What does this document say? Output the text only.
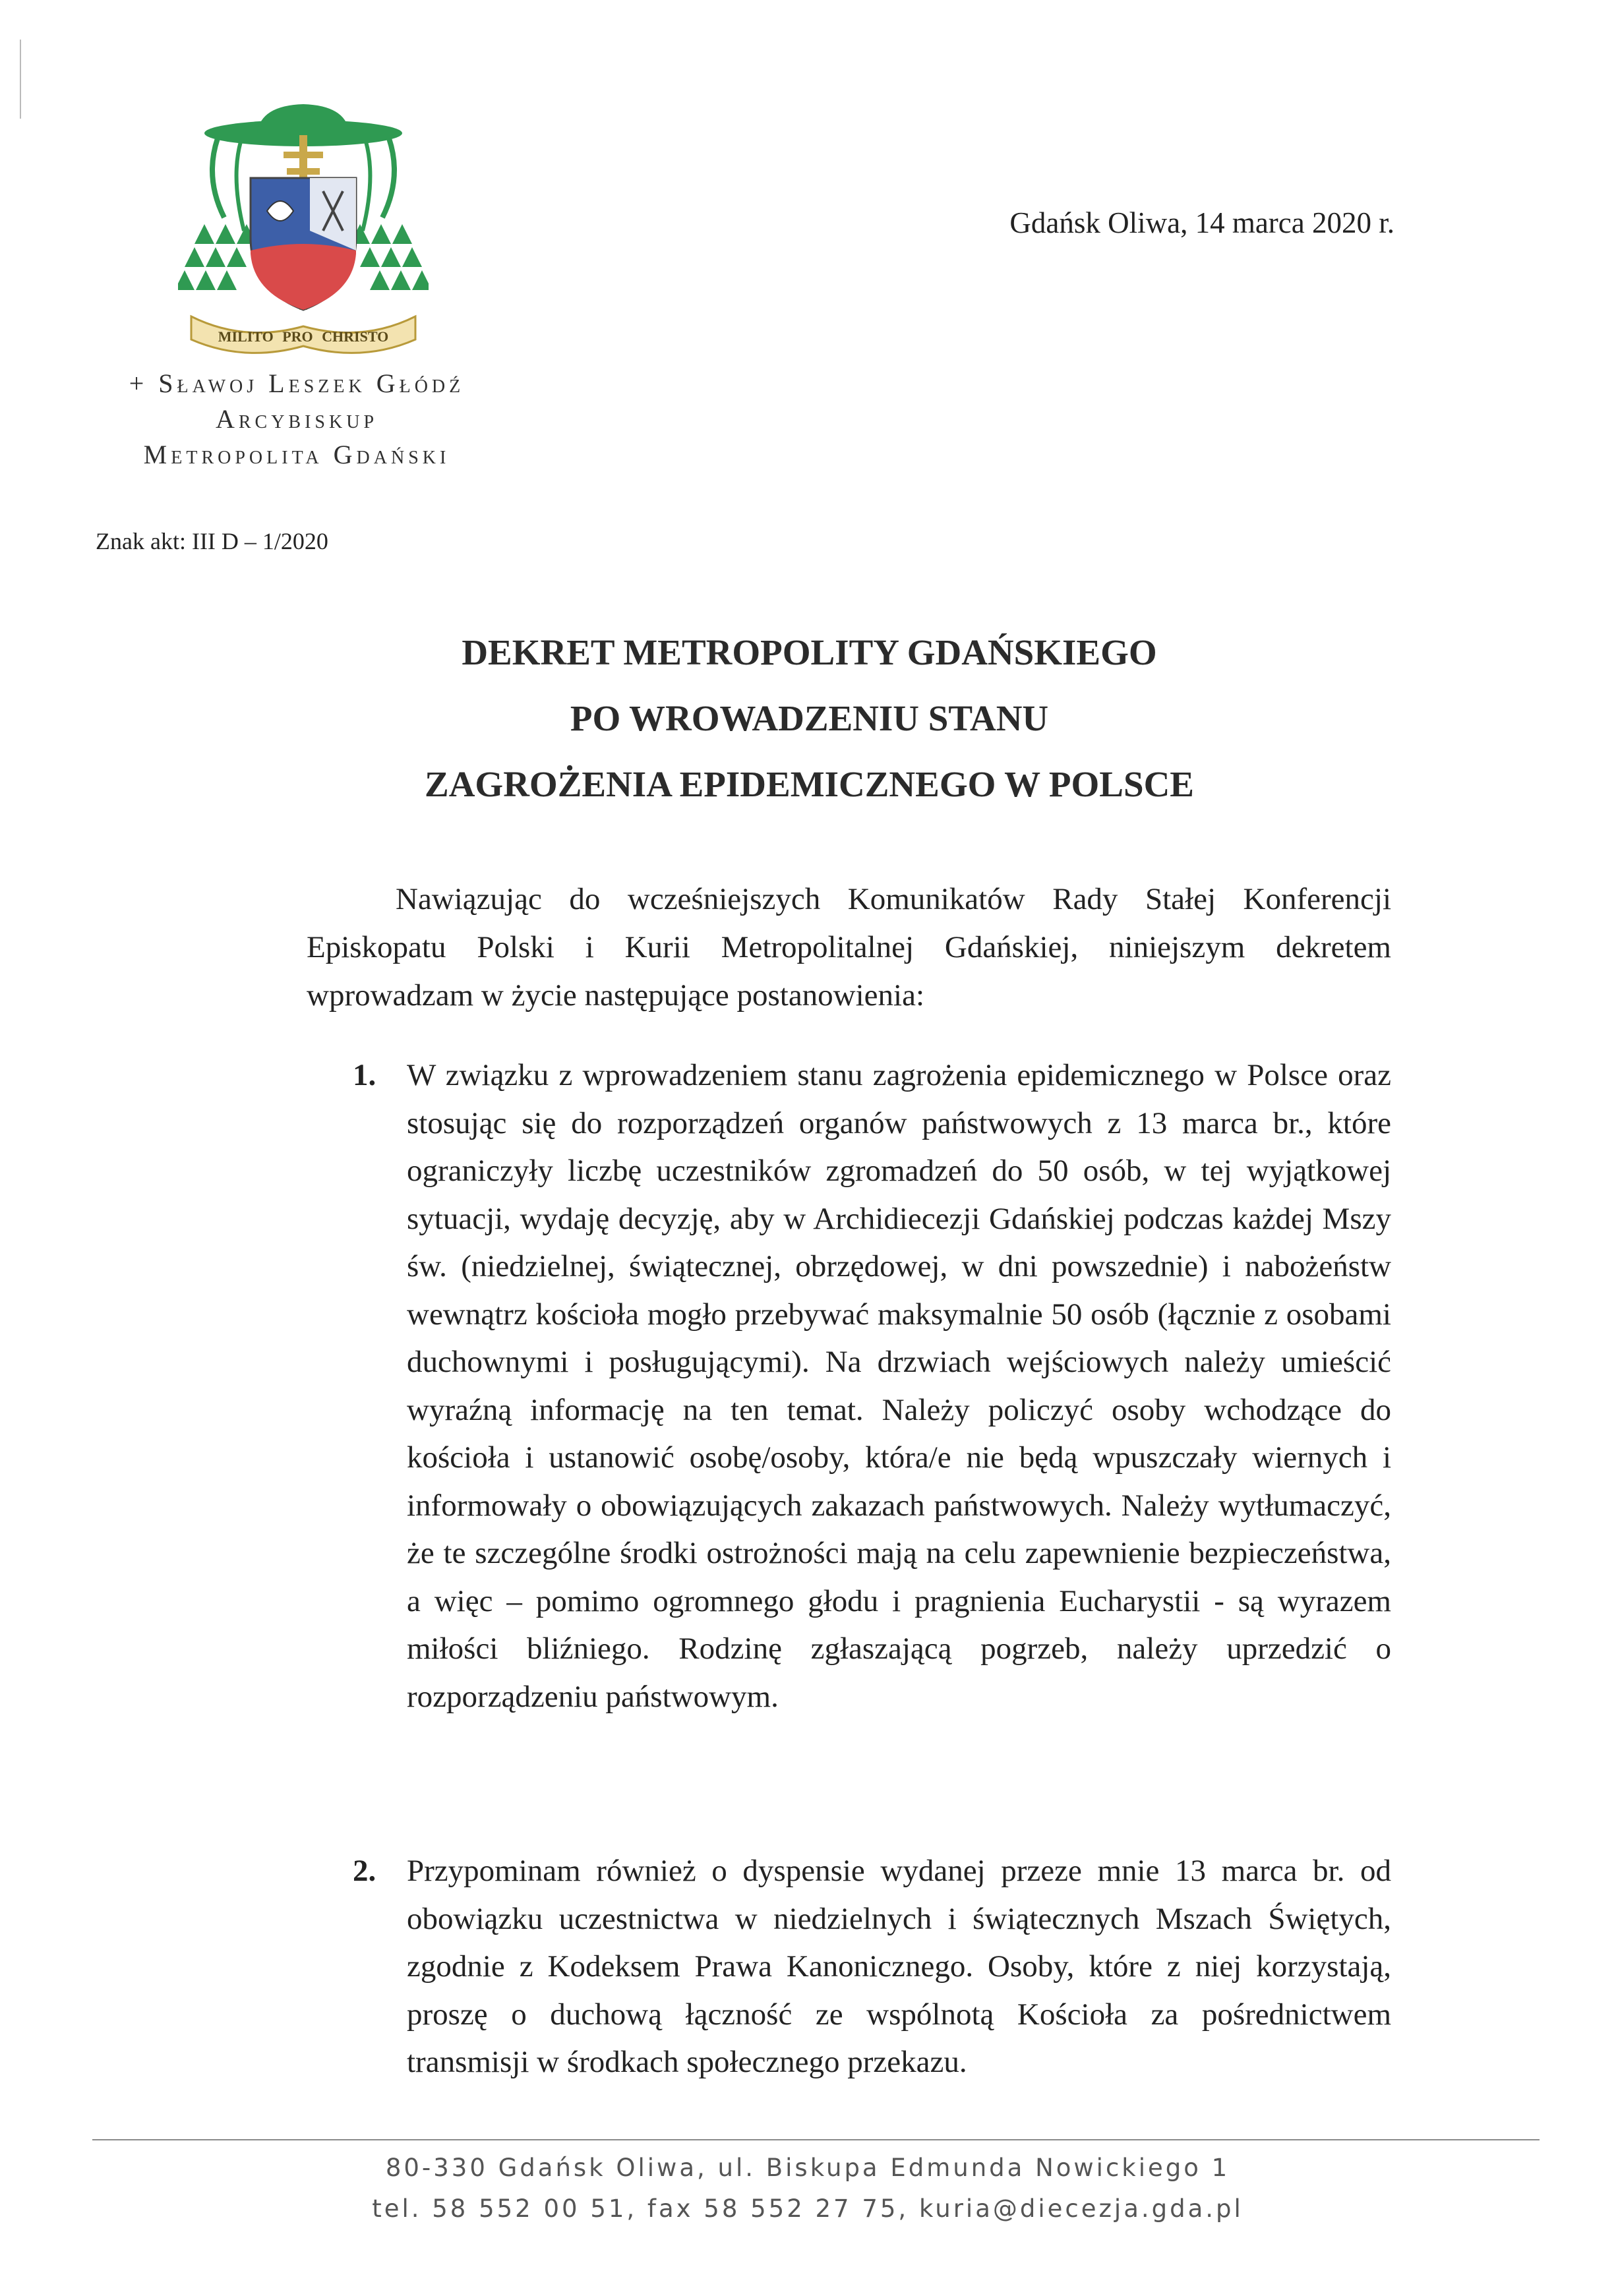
MILITO PRO CHRISTO
+ Sławoj Leszek Głódź
Arcybiskup
Metropolita Gdański
Gdańsk Oliwa, 14 marca 2020 r.
Znak akt: III D – 1/2020
DEKRET METROPOLITY GDAŃSKIEGO
PO WROWADZENIU STANU
ZAGROŻENIA EPIDEMICZNEGO W POLSCE
Nawiązując do wcześniejszych Komunikatów Rady Stałej Konferencji Episkopatu Polski i Kurii Metropolitalnej Gdańskiej, niniejszym dekretem wprowadzam w życie następujące postanowienia:
1. W związku z wprowadzeniem stanu zagrożenia epidemicznego w Polsce oraz stosując się do rozporządzeń organów państwowych z 13 marca br., które ograniczyły liczbę uczestników zgromadzeń do 50 osób, w tej wyjątkowej sytuacji, wydaję decyzję, aby w Archidiecezji Gdańskiej podczas każdej Mszy św. (niedzielnej, świątecznej, obrzędowej, w dni powszednie) i nabożeństw wewnątrz kościoła mogło przebywać maksymalnie 50 osób (łącznie z osobami duchownymi i posługującymi). Na drzwiach wejściowych należy umieścić wyraźną informację na ten temat. Należy policzyć osoby wchodzące do kościoła i ustanowić osobę/osoby, która/e nie będą wpuszczały wiernych i informowały o obowiązujących zakazach państwowych. Należy wytłumaczyć, że te szczególne środki ostrożności mają na celu zapewnienie bezpieczeństwa, a więc – pomimo ogromnego głodu i pragnienia Eucharystii - są wyrazem miłości bliźniego. Rodzinę zgłaszającą pogrzeb, należy uprzedzić o rozporządzeniu państwowym.
2. Przypominam również o dyspensie wydanej przeze mnie 13 marca br. od obowiązku uczestnictwa w niedzielnych i świątecznych Mszach Świętych, zgodnie z Kodeksem Prawa Kanonicznego. Osoby, które z niej korzystają, proszę o duchową łączność ze wspólnotą Kościoła za pośrednictwem transmisji w środkach społecznego przekazu.
80-330 Gdańsk Oliwa, ul. Biskupa Edmunda Nowickiego 1
tel. 58 552 00 51, fax 58 552 27 75, kuria@diecezja.gda.pl
